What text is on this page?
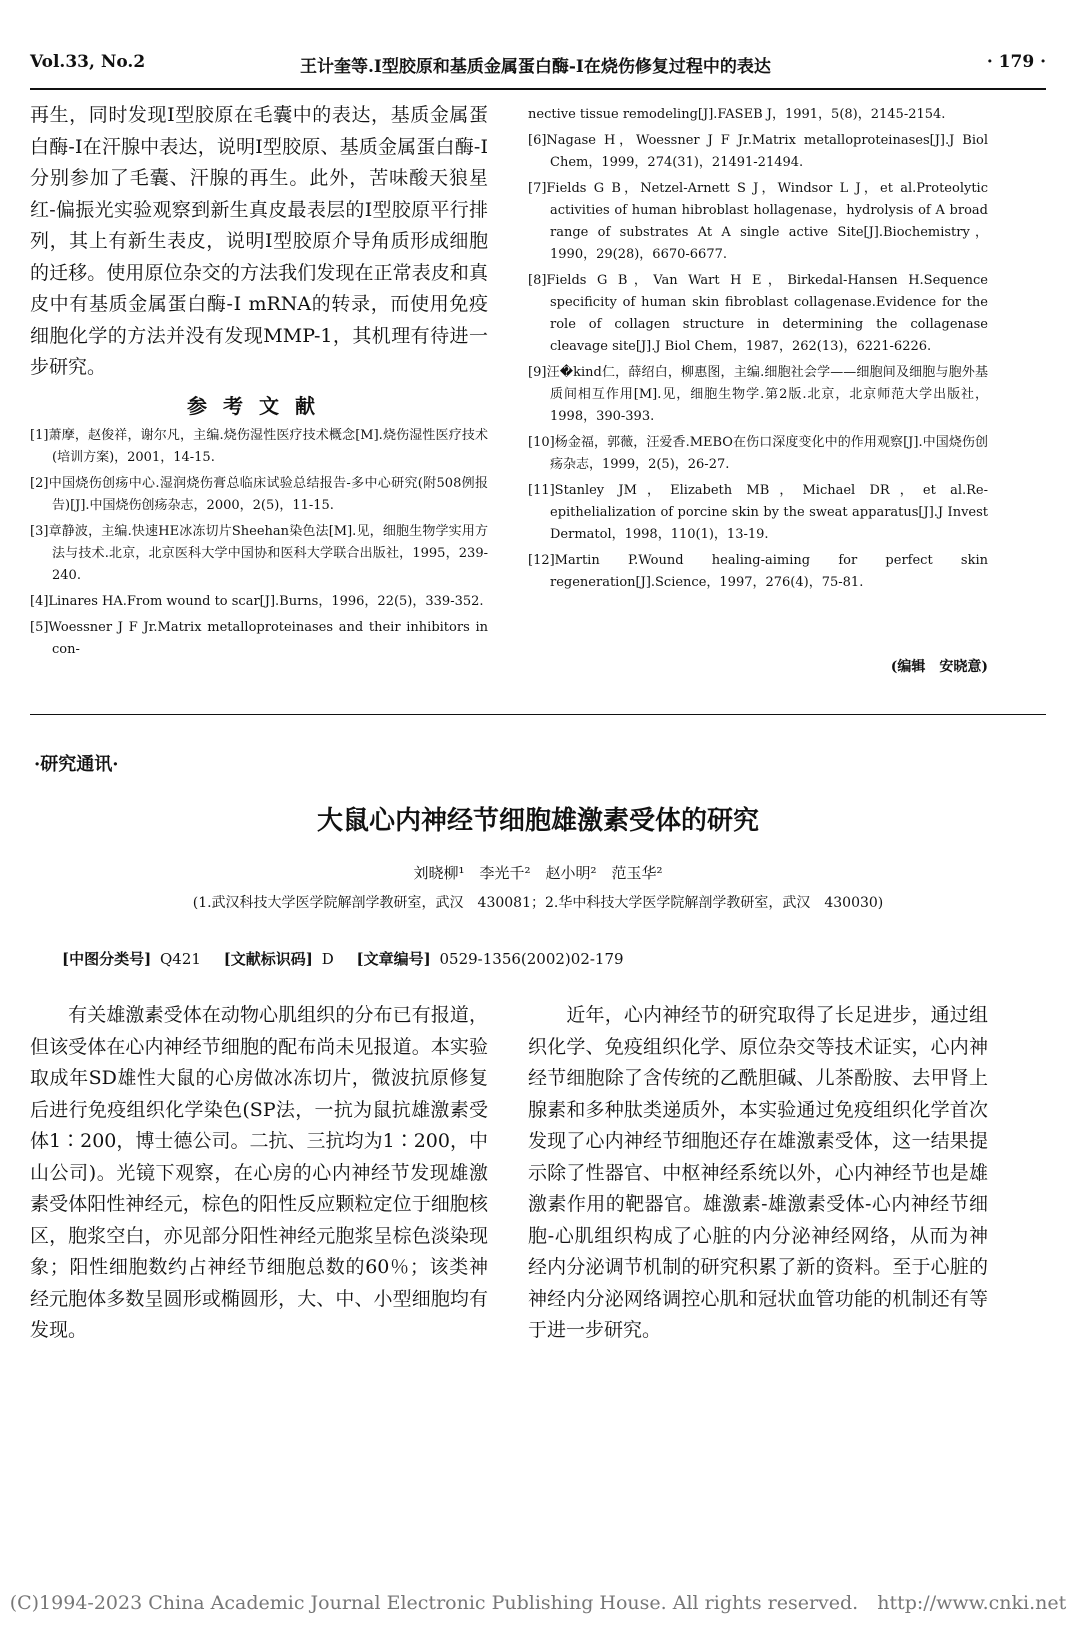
Vol.33, No.2	王计奎等.Ⅰ型胶原和基质金属蛋白酶-Ⅰ在烧伤修复过程中的表达	· 179 ·
再生，同时发现Ⅰ型胶原在毛囊中的表达，基质金属蛋白酶-Ⅰ在汗腺中表达，说明Ⅰ型胶原、基质金属蛋白酶-Ⅰ分别参加了毛囊、汗腺的再生。此外，苦味酸天狼星红-偏振光实验观察到新生真皮最表层的Ⅰ型胶原平行排列，其上有新生表皮，说明Ⅰ型胶原介导角质形成细胞的迁移。使用原位杂交的方法我们发现在正常表皮和真皮中有基质金属蛋白酶-Ⅰ mRNA的转录，而使用免疫细胞化学的方法并没有发现MMP-1，其机理有待进一步研究。
参考文献
[1]萧摩，赵俊祥，谢尔凡，主编.烧伤湿性医疗技术概念[M].烧伤湿性医疗技术(培训方案)，2001，14-15.
[2]中国烧伤创疡中心.湿润烧伤膏总临床试验总结报告-多中心研究(附508例报告)[J].中国烧伤创疡杂志，2000，2(5)，11-15.
[3]章静波，主编.快速HE冰冻切片Sheehan染色法[M].见，细胞生物学实用方法与技术.北京，北京医科大学中国协和医科大学联合出版社，1995，239-240.
[4]Linares HA.From wound to scar[J].Burns，1996，22(5)，339-352.
[5]Woessner J F Jr.Matrix metalloproteinases and their inhibitors in con-
nective tissue remodeling[J].FASEB J，1991，5(8)，2145-2154.
[6]Nagase H，Woessner J F Jr.Matrix metalloproteinases[J].J Biol Chem，1999，274(31)，21491-21494.
[7]Fields G B，Netzel-Arnett S J，Windsor L J，et al.Proteolytic activities of human hibroblast hollagenase，hydrolysis of A broad range of substrates At A single active Site[J].Biochemistry，1990，29(28)，6670-6677.
[8]Fields G B，Van Wart H E，Birkedal-Hansen H.Sequence specificity of human skin fibroblast collagenase.Evidence for the role of collagen structure in determining the collagenase cleavage site[J].J Biol Chem，1987，262(13)，6221-6226.
[9]汪�kind仁，薛绍白，柳惠图，主编.细胞社会学——细胞间及细胞与胞外基质间相互作用[M].见，细胞生物学.第2版.北京，北京师范大学出版社，1998，390-393.
[10]杨金福，郭薇，汪爱香.MEBO在伤口深度变化中的作用观察[J].中国烧伤创疡杂志，1999，2(5)，26-27.
[11]Stanley JM，Elizabeth MB，Michael DR，et al.Re-epithelialization of porcine skin by the sweat apparatus[J].J Invest Dermatol，1998，110(1)，13-19.
[12]Martin P.Wound healing-aiming for perfect skin regeneration[J].Science，1997，276(4)，75-81.
(编辑　安晓意)
·研究通讯·
大鼠心内神经节细胞雄激素受体的研究
刘晓柳¹　李光千²　赵小明²　范玉华²
(1.武汉科技大学医学院解剖学教研室，武汉　430081；2.华中科技大学医学院解剖学教研室，武汉　430030)
[中图分类号] Q421 [文献标识码] D [文章编号] 0529-1356(2002)02-179
　　有关雄激素受体在动物心肌组织的分布已有报道，但该受体在心内神经节细胞的配布尚未见报道。本实验取成年SD雄性大鼠的心房做冰冻切片，微波抗原修复后进行免疫组织化学染色(SP法，一抗为鼠抗雄激素受体1∶200，博士德公司。二抗、三抗均为1∶200，中山公司)。光镜下观察，在心房的心内神经节发现雄激素受体阳性神经元，棕色的阳性反应颗粒定位于细胞核区，胞浆空白，亦见部分阳性神经元胞浆呈棕色淡染现象；阳性细胞数约占神经节细胞总数的60％；该类神经元胞体多数呈圆形或椭圆形，大、中、小型细胞均有发现。
　　近年，心内神经节的研究取得了长足进步，通过组织化学、免疫组织化学、原位杂交等技术证实，心内神经节细胞除了含传统的乙酰胆碱、儿茶酚胺、去甲肾上腺素和多种肽类递质外，本实验通过免疫组织化学首次发现了心内神经节细胞还存在雄激素受体，这一结果提示除了性器官、中枢神经系统以外，心内神经节也是雄激素作用的靶器官。雄激素-雄激素受体-心内神经节细胞-心肌组织构成了心脏的内分泌神经网络，从而为神经内分泌调节机制的研究积累了新的资料。至于心脏的神经内分泌网络调控心肌和冠状血管功能的机制还有等于进一步研究。
(C)1994-2023 China Academic Journal Electronic Publishing House. All rights reserved.　http://www.cnki.net
